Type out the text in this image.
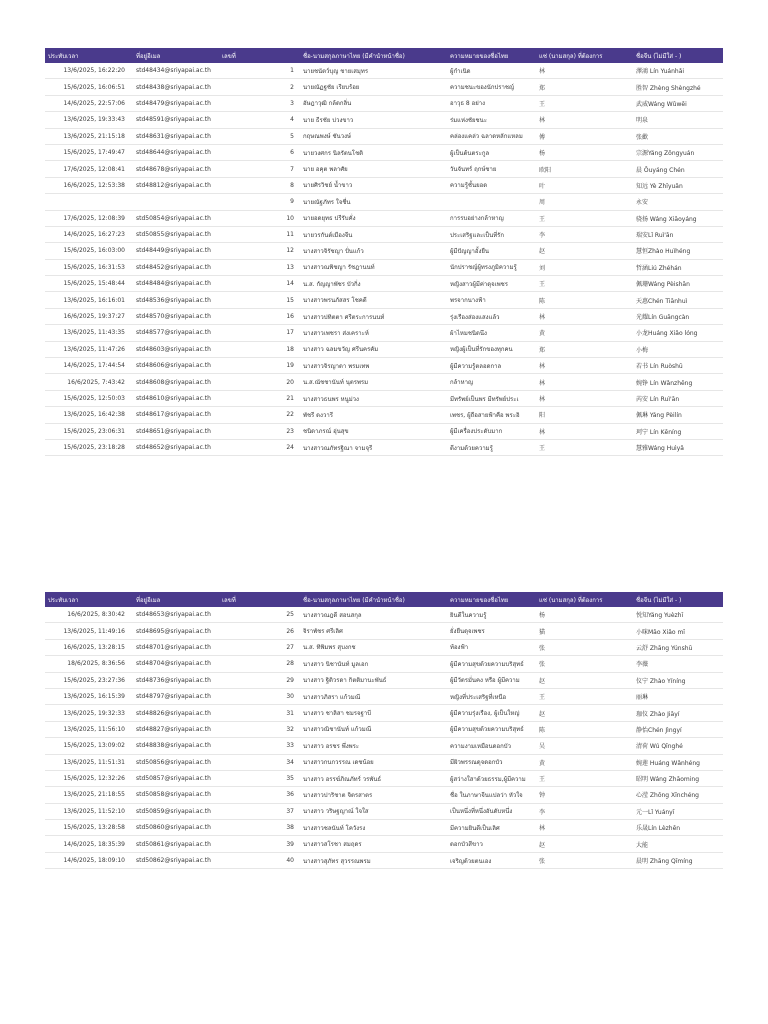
ประทับเวลา	ที่อยู่อีเมล	เลขที่	ชื่อ-นามสกุลภาษาไทย (มีคำนำหน้าชื่อ)	ความหมายของชื่อไทย	แซ่ (นามสกุล) ที่ต้องการ	ชื่อจีน (ไม่มีใส่ - )
13/6/2025, 16:22:20	std48434@sriyapai.ac.th	1	นายชนัตว์บุญ ชายเสมุทร	ผู้กำเนิด	林	澤鴻 Lín Yuánhǎi
15/6/2025, 16:06:51	std48438@sriyapai.ac.th	2	นายณัฏฐชัย เรียบร้อย	ความชนะของนักปราชญ์	郑	胜智 Zhèng Shèngzhé
14/6/2025, 22:57:06	std48479@sriyapai.ac.th	3	อัษฎาวุฒิ กล้ดกลิ่น	อาวุธ 8 อย่าง	王	武威Wáng Wǔwēi
13/6/2025, 19:33:43	std48591@sriyapai.ac.th	4	นาย ธีรชัย บ่วงขาว	ร่มแห่งชัยชนะ	林	明泉
13/6/2025, 21:15:18	std48631@sriyapai.ac.th	5	กฤษณพงษ์ ชันวงษ์	คล่องแคล่ว ฉลาดหลักแหลม	傅	张歡
15/6/2025, 17:49:47	std48644@sriyapai.ac.th	6	นายวงศกร นิลรัตนโชติ	ผู้เป็นต้นตระกูล	杨	宗源Yáng Zōngyuán
17/6/2025, 12:08:41	std48678@sriyapai.ac.th	7	นาย อคุต พลาศัย	วันจันทร์ ฤกษ์ชาย	欧阳	晨 Ōuyáng Chén
16/6/2025, 12:53:38	std48812@sriyapai.ac.th	8	นายศิรวิชย์ น้ำขาว	ความรู้ชั้นยอด	叶	知远 Yè Zhīyuǎn
		9	นายณัฐภัทร ใจชื่น		周	永安
17/6/2025, 12:08:39	std50854@sriyapai.ac.th	10	นายอดยุทธ ปรีรับคั่ง	การรบอย่างกล้าหาญ	王	骁扬 Wáng Xiāoyáng
14/6/2025, 16:27:23	std50855@sriyapai.ac.th	11	นายวรกันต์เมืองจีน	ประเสริฐและเป็นที่รัก	李	瑞安Lǐ Ruì'ān
15/6/2025, 16:03:00	std48449@sriyapai.ac.th	12	นางสาวจิรัชญา ปั่นแก้ว	ผู้มีปัญญาอั้งยืน	赵	慧恒Zhào Huìhéng
15/6/2025, 16:31:53	std48452@sriyapai.ac.th	13	นางสาวณพิชญา รัชฎานนท์	นักปราชญ์ผู้ทรงภูมิความรู้	刘	哲涵Liú Zhéhán
15/6/2025, 15:48:44	std48484@sriyapai.ac.th	14	น.ส. กัญญาพัชร บัวกิ่ง	หญิงสาวผู้มีค่าดุจเพชร	王	佩珊Wáng Pèishān
13/6/2025, 16:16:01	std48536@sriyapai.ac.th	15	นางสาวพรนภัสสร โชคดี	พรจากนางฟ้า	陈	天惠Chén Tiānhuì
16/6/2025, 19:37:27	std48570@sriyapai.ac.th	16	นางสาวปทิตตา ศรีตระการนนท์	รุ่งเรืองส่องแสงแล้ว	林	光耀Lín Guāngcàn
13/6/2025, 11:43:35	std48577@sriyapai.ac.th	17	นางสาวเพชรา ส่งเคราะห์	ผ้าไหมชนิดนึง	黄	小龙Huáng Xiǎo lóng
13/6/2025, 11:47:26	std48603@sriyapai.ac.th	18	นางสาว ฉลมขวัญ ศรีนครคัม	หญิงผู้เป็นที่รักของทุกคน	郑	小梅
14/6/2025, 17:44:54	std48606@sriyapai.ac.th	19	นางสาวจิรญาดา พรมเทพ	ผู้มีความรู้ตลอดกาล	林	若书 Lín Ruòshū
16/6/2025, 7:43:42	std48608@sriyapai.ac.th	20	น.ส.ณัชชานันท์ นุตรพรม	กล้าหาญ	林	婉铮 Lín Wǎnzhēng
15/6/2025, 12:50:03	std48610@sriyapai.ac.th	21	นางสาวธนพร หนูม่วง	มีทรัพย์เป็นพร มีทรัพย์ประเ	林	芮安 Lín Ruì'ān
13/6/2025, 16:42:38	std48617@sriyapai.ac.th	22	พัชรี ดงวารี	เพชร, ผู้ถือสายฟ้าคือ พระอิ	阳	佩琳 Yáng Pèilín
15/6/2025, 23:06:31	std48651@sriyapai.ac.th	23	ชนิดาภรณ์ อุ่นสุข	ผู้มีเครื่องประดับมาก	林	珂宁 Lín Kēníng
15/6/2025, 23:18:28	std48652@sriyapai.ac.th	24	นางสาวณภัทรฐิณา จามจุรี	ดีงามด้วยความรู้	王	慧雅Wáng Huìyǎ
ประทับเวลา	ที่อยู่อีเมล	เลขที่	ชื่อ-นามสกุลภาษาไทย (มีคำนำหน้าชื่อ)	ความหมายของชื่อไทย	แซ่ (นามสกุล) ที่ต้องการ	ชื่อจีน (ไม่มีใส่ - )
16/6/2025, 8:30:42	std48653@sriyapai.ac.th	25	นางสาวณฎดี สอนสกุล	ยินดีในความรู้	杨	悦知Yáng Yuèzhī
13/6/2025, 11:49:16	std48695@sriyapai.ac.th	26	จิราพัชร ศรีเลิศ	ยั่งยืนดุจเพชร	猫	小咪Māo Xiǎo mī
16/6/2025, 13:28:15	std48701@sriyapai.ac.th	27	น.ส. ทิพิมพร สุบงกช	ท้องฟ้า	张	云舒 Zhāng Yúnshū
18/6/2025, 8:36:56	std48704@sriyapai.ac.th	28	นางสาว นิชานันท์ มูลเอก	ผู้มีความสุขด้วยความบริสุทธ์	张	李薇
15/6/2025, 23:27:36	std48736@sriyapai.ac.th	29	นางสาว ฐิติวรดา กิตติมานะพันธ์	ผู้มีวัตรมั่นคง หรือ ผู้มีความ	赵	仪宁 Zhào Yíníng
13/6/2025, 16:15:39	std48797@sriyapai.ac.th	30	นางสาวภิสรา แก้วมณี	หญิงที่ประเสริฐที่เหนือ	王	丽琳
13/6/2025, 19:32:33	std48826@sriyapai.ac.th	31	นางสาว ชาลิสา ชมรจฐาบี	ผู้มีความรุ่งเรือง, ผู้เป็นใหญ่	赵	珈仪 Zhào Jiāyí
13/6/2025, 11:56:10	std48827@sriyapai.ac.th	32	นางสาวณิชานันท์ แก้วมณี	ผู้มีความสุขด้วยความบริสุทธ์	陈	静怡Chén Jìngyí
15/6/2025, 13:09:02	std48838@sriyapai.ac.th	33	นางสาว อรชร พึ่งพระ	ความงามเหมือนดอกบัว	吴	清荷 Wú Qīnghé
13/6/2025, 11:51:31	std50856@sriyapai.ac.th	34	นางสาวกนกวรรณ เดชน้อย	มีผิวพรรณดุจดอกบัว	黄	婉莲 Huáng Wǎnhéng
15/6/2025, 12:32:26	std50857@sriyapai.ac.th	35	นางสาว อรรฆ์ภิณภัทร์ วรพันธ์	ผู้สว่างใสาด้วยธรรม,ผู้มีความ	王	昭明 Wáng Zhāoming
13/6/2025, 21:18:55	std50858@sriyapai.ac.th	36	นางสาวปาริชาต จิตรสาตร	ชื่อ ในภาษาจีนแปลว่า หัวใจ	钟	心滢 Zhōng Xīnchéng
13/6/2025, 11:52:10	std50859@sriyapai.ac.th	37	นางสาว วริษฐญาณ์ ใจใส	เป็นหนึ่งที่หนึ่งอันดับหนึ่ง	李	元一Lǐ Yuányī
15/6/2025, 13:28:58	std50860@sriyapai.ac.th	38	นางสาวชลนันท์ โควังรง	มีความยินดีเป็นเลิศ	林	乐晟Lín Lèzhēn
14/6/2025, 18:35:39	std50861@sriyapai.ac.th	39	นางสาวสโรชา สมฤดร	ดอกบัวสีขาว	赵	大能
14/6/2025, 18:09:10	std50862@sriyapai.ac.th	40	นางสาวสุภัทร สุวรรณพรม	เจริญด้วยตนเอง	张	晨明 Zhāng Qīmíng
